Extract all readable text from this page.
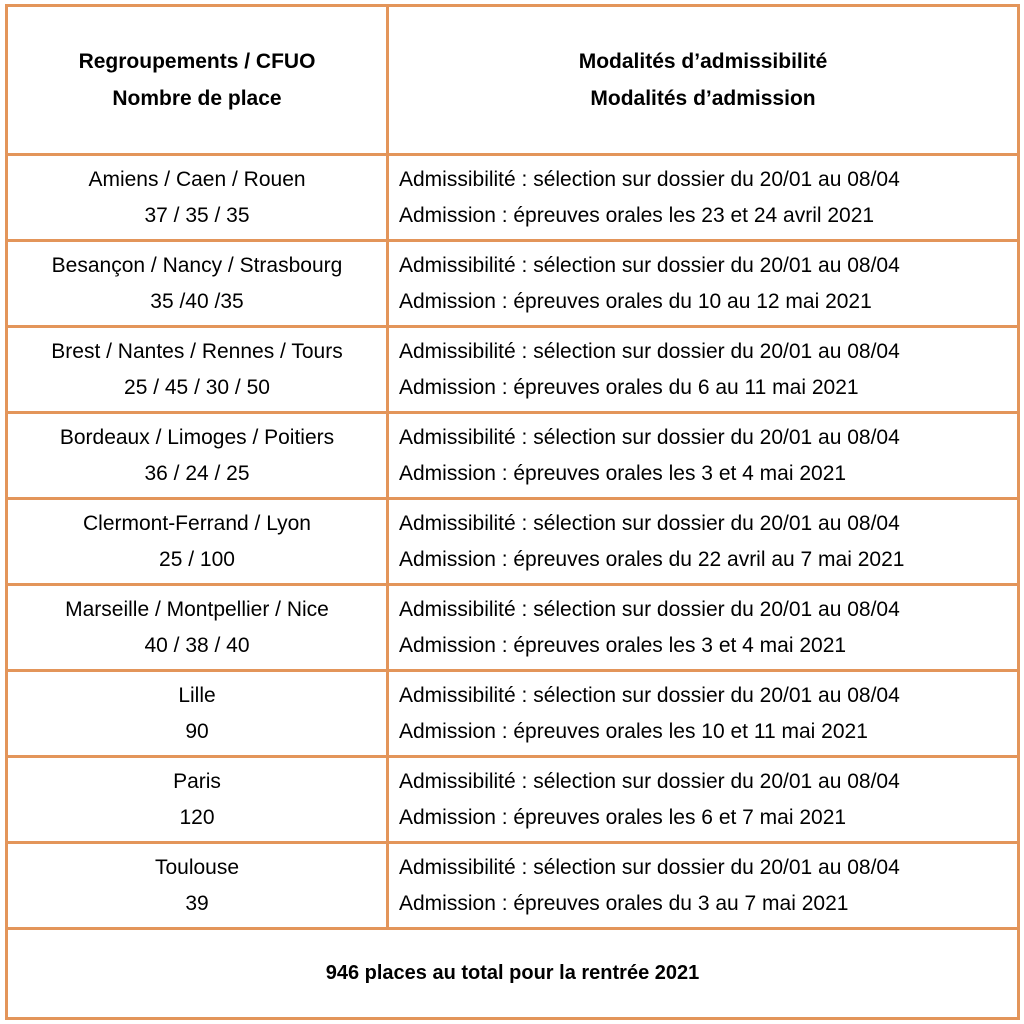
Regroupements / CFUO
Nombre de place	Modalités d’admissibilité
Modalités d’admission

Amiens / Caen / Rouen
37 / 35 / 35	Admissibilité : sélection sur dossier du 20/01 au 08/04
Admission : épreuves orales les 23 et 24 avril 2021

Besançon / Nancy / Strasbourg
35 /40 /35	Admissibilité : sélection sur dossier du 20/01 au 08/04
Admission : épreuves orales du 10 au 12 mai 2021

Brest / Nantes / Rennes / Tours
25 / 45 / 30 / 50	Admissibilité : sélection sur dossier du 20/01 au 08/04
Admission : épreuves orales du 6 au 11 mai 2021

Bordeaux / Limoges / Poitiers
36 / 24 / 25	Admissibilité : sélection sur dossier du 20/01 au 08/04
Admission : épreuves orales les 3 et 4 mai 2021

Clermont-Ferrand / Lyon
25 / 100	Admissibilité : sélection sur dossier du 20/01 au 08/04
Admission : épreuves orales du 22 avril au 7 mai 2021

Marseille / Montpellier / Nice
40 / 38 / 40	Admissibilité : sélection sur dossier du 20/01 au 08/04
Admission : épreuves orales les 3 et 4 mai 2021

Lille
90	Admissibilité : sélection sur dossier du 20/01 au 08/04
Admission : épreuves orales les 10 et 11 mai 2021

Paris
120	Admissibilité : sélection sur dossier du 20/01 au 08/04
Admission : épreuves orales les 6 et 7 mai 2021

Toulouse
39	Admissibilité : sélection sur dossier du 20/01 au 08/04
Admission : épreuves orales du 3 au 7 mai 2021

946 places au total pour la rentrée 2021	
